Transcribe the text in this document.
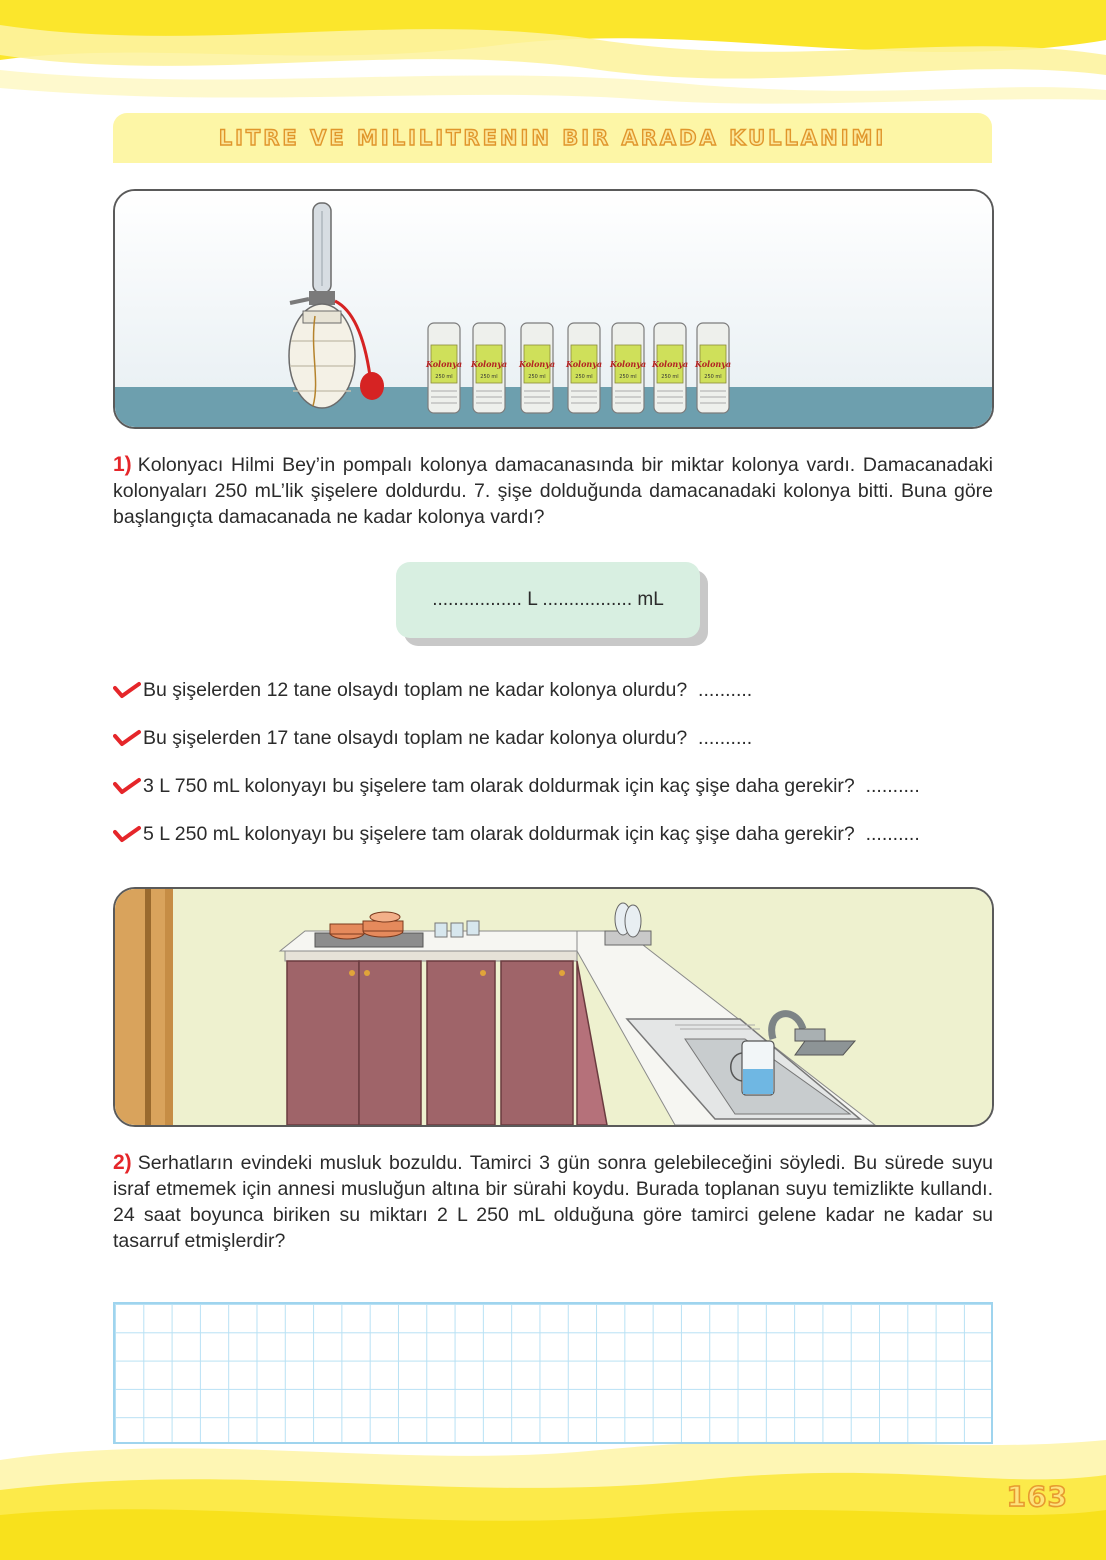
LITRE VE MILILITRENIN BIR ARADA KULLANIMI
Kolonya
250 ml
Kolonya
250 ml
Kolonya
250 ml
Kolonya
250 ml
Kolonya
250 ml
Kolonya
250 ml
Kolonya
250 ml
1) Kolonyacı Hilmi Bey’in pompalı kolonya damacanasında bir miktar kolonya vardı. Damacanadaki kolonyaları 250 mL’lik şişelere doldurdu. 7. şişe dolduğunda damacanadaki kolonya bitti. Buna göre başlangıçta damacanada ne kadar kolonya vardı?
................. L ................. mL
Bu şişelerden 12 tane olsaydı toplam ne kadar kolonya olurdu?
..........
Bu şişelerden 17 tane olsaydı toplam ne kadar kolonya olurdu?
..........
3 L 750 mL kolonyayı bu şişelere tam olarak doldurmak için kaç şişe daha gerekir?
..........
5 L 250 mL kolonyayı bu şişelere tam olarak doldurmak için kaç şişe daha gerekir?
..........
2) Serhatların evindeki musluk bozuldu. Tamirci 3 gün sonra gelebileceğini söyledi. Bu sürede suyu israf etmemek için annesi musluğun altına bir sürahi koydu. Burada toplanan suyu temizlikte kullandı. 24 saat boyunca biriken su miktarı 2 L 250 mL olduğuna göre tamirci gelene kadar ne kadar su tasarruf etmişlerdir?
163
